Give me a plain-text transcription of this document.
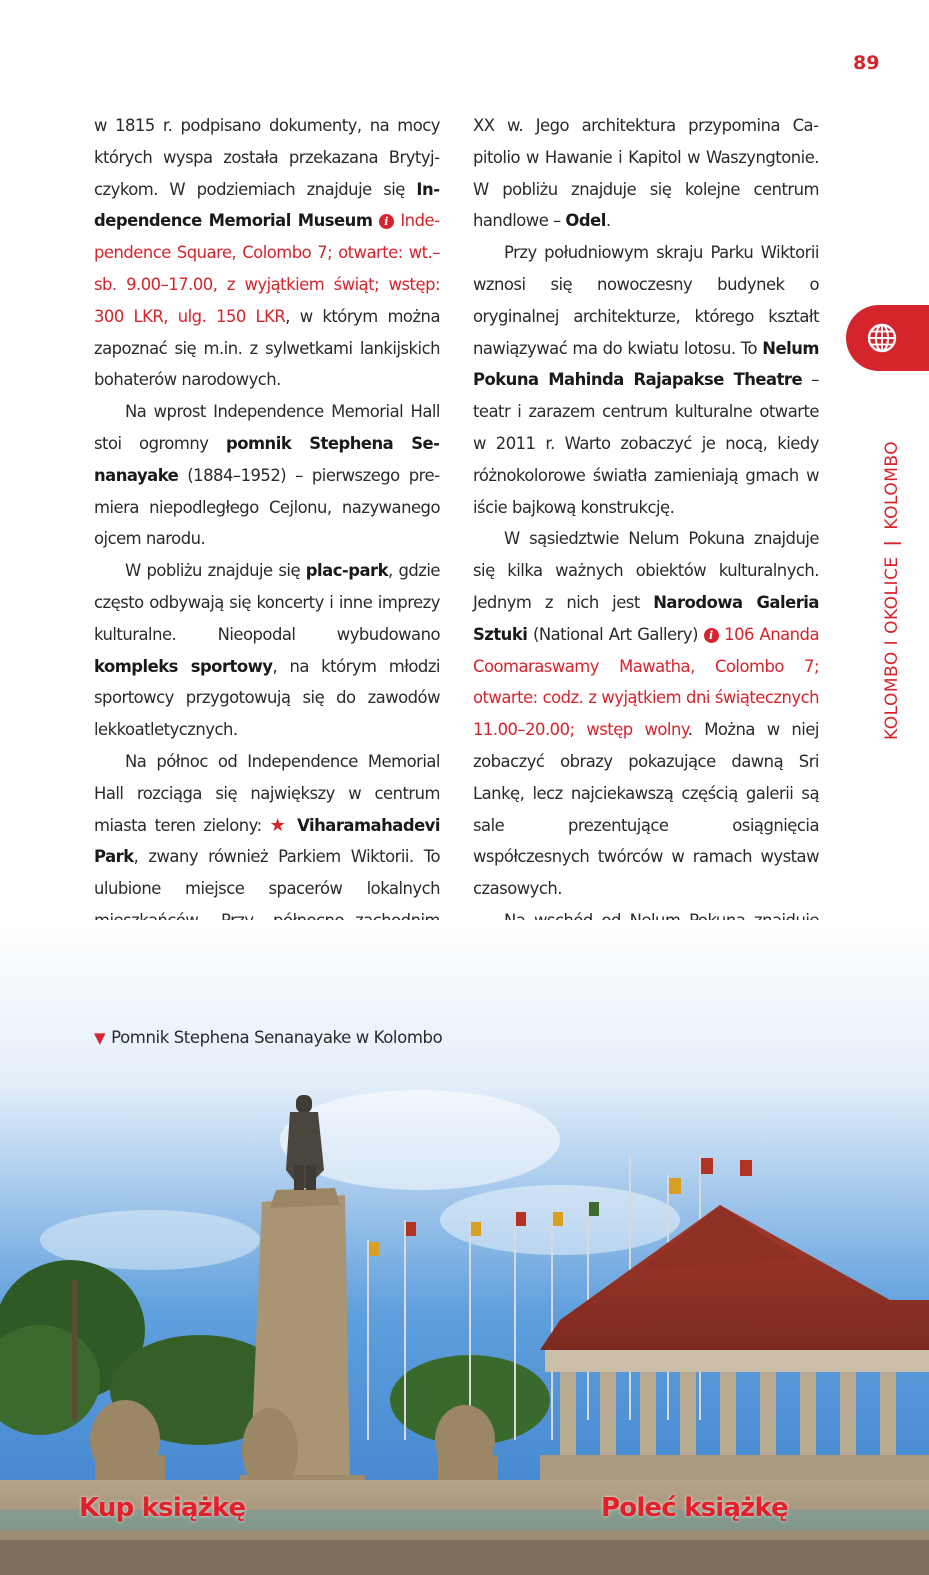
89

w 1815 r. podpisano dokumenty, na mocy których wyspa została przekazana Brytyjczykom. W podziemiach znajduje się Independence Memorial Museum i Independence Square, Colombo 7; otwarte: wt.–sb. 9.00–17.00, z wyjątkiem świąt; wstęp: 300 LKR, ulg. 150 LKR, w którym można zapoznać się m.in. z sylwetkami lankijskich bohaterów narodowych.

Na wprost Independence Memorial Hall stoi ogromny pomnik Stephena Senanayake (1884–1952) – pierwszego premiera niepodległego Cejlonu, nazywanego ojcem narodu.

W pobliżu znajduje się plac-park, gdzie często odbywają się koncerty i inne imprezy kulturalne. Nieopodal wybudowano kompleks sportowy, na którym młodzi sportowcy przygotowują się do zawodów lekkoatletycznych.

Na północ od Independence Memorial Hall rozciąga się największy w centrum miasta teren zielony: ★ Viharamahadevi Park, zwany również Parkiem Wiktorii. To ulubione miejsce spacerów lokalnych

XX w. Jego architektura przypomina Capitolio w Hawanie i Kapitol w Waszyngtonie. W pobliżu znajduje się kolejne centrum handlowe – Odel.

Przy południowym skraju Parku Wiktorii wznosi się nowoczesny budynek o oryginalnej architekturze, którego kształt nawiązywać ma do kwiatu lotosu. To Nelum Pokuna Mahinda Rajapakse Theatre – teatr i zarazem centrum kulturalne otwarte w 2011 r. Warto zobaczyć je nocą, kiedy różnokolorowe światła zamieniają gmach w iście bajkową konstrukcję.

W sąsiedztwie Nelum Pokuna znajduje się kilka ważnych obiektów kulturalnych. Jednym z nich jest Narodowa Galeria Sztuki (National Art Gallery) i 106 Ananda Coomaraswamy Mawatha, Colombo 7; otwarte: codz. z wyjątkiem dni świątecznych 11.00–20.00; wstęp wolny. Można w niej zobaczyć obrazy pokazujące dawną Sri Lankę, lecz najciekawszą częścią galerii są sale prezentujące osiągnięcia współczesnych twórców w ramach wystaw czasowych.

KOLOMBO I OKOLICE|KOLOMBO
▼ Pomnik Stephena Senanayake w Kolombo
Kup książkę	Poleć książkę
